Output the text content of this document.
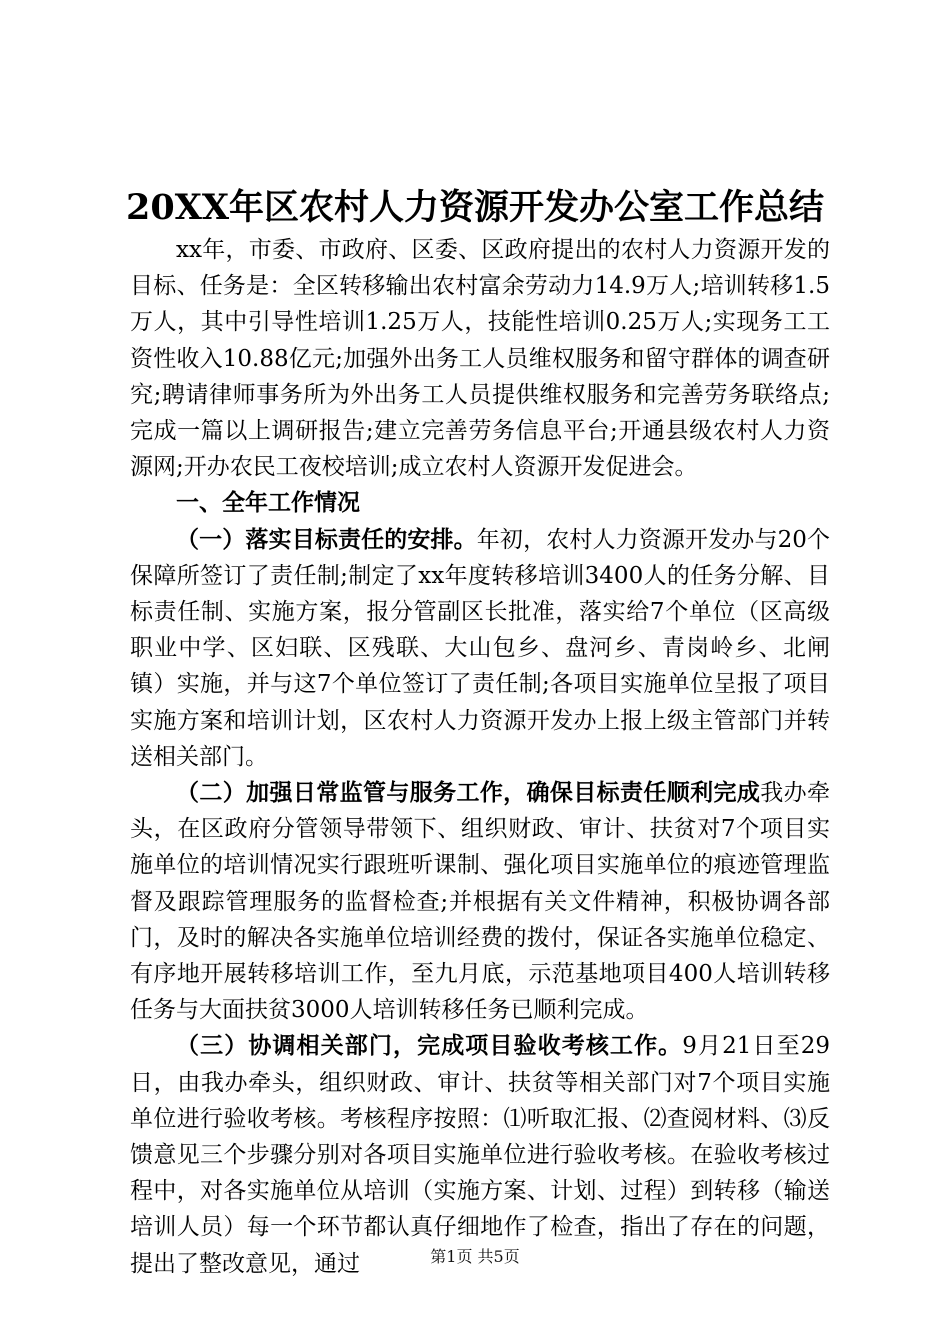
20XX年区农村人力资源开发办公室工作总结

xx年，市委、市政府、区委、区政府提出的农村人力资源开发的目标、任务是：全区转移输出农村富余劳动力14.9万人;培训转移1.5万人，其中引导性培训1.25万人，技能性培训0.25万人;实现务工工资性收入10.88亿元;加强外出务工人员维权服务和留守群体的调查研究;聘请律师事务所为外出务工人员提供维权服务和完善劳务联络点;完成一篇以上调研报告;建立完善劳务信息平台;开通县级农村人力资源网;开办农民工夜校培训;成立农村人资源开发促进会。

一、全年工作情况

（一）落实目标责任的安排。年初，农村人力资源开发办与20个保障所签订了责任制;制定了xx年度转移培训3400人的任务分解、目标责任制、实施方案，报分管副区长批准，落实给7个单位（区高级职业中学、区妇联、区残联、大山包乡、盘河乡、青岗岭乡、北闸镇）实施，并与这7个单位签订了责任制;各项目实施单位呈报了项目实施方案和培训计划，区农村人力资源开发办上报上级主管部门并转送相关部门。

（二）加强日常监管与服务工作，确保目标责任顺利完成我办牵头，在区政府分管领导带领下、组织财政、审计、扶贫对7个项目实施单位的培训情况实行跟班听课制、强化项目实施单位的痕迹管理监督及跟踪管理服务的监督检查;并根据有关文件精神，积极协调各部门，及时的解决各实施单位培训经费的拨付，保证各实施单位稳定、有序地开展转移培训工作，至九月底，示范基地项目400人培训转移任务与大面扶贫3000人培训转移任务已顺利完成。

（三）协调相关部门，完成项目验收考核工作。9月21日至29日，由我办牵头，组织财政、审计、扶贫等相关部门对7个项目实施单位进行验收考核。考核程序按照：⑴听取汇报、⑵查阅材料、⑶反馈意见三个步骤分别对各项目实施单位进行验收考核。在验收考核过程中，对各实施单位从培训（实施方案、计划、过程）到转移（输送培训人员）每一个环节都认真仔细地作了检查，指出了存在的问题，提出了整改意见，通过	第1页 共5页
